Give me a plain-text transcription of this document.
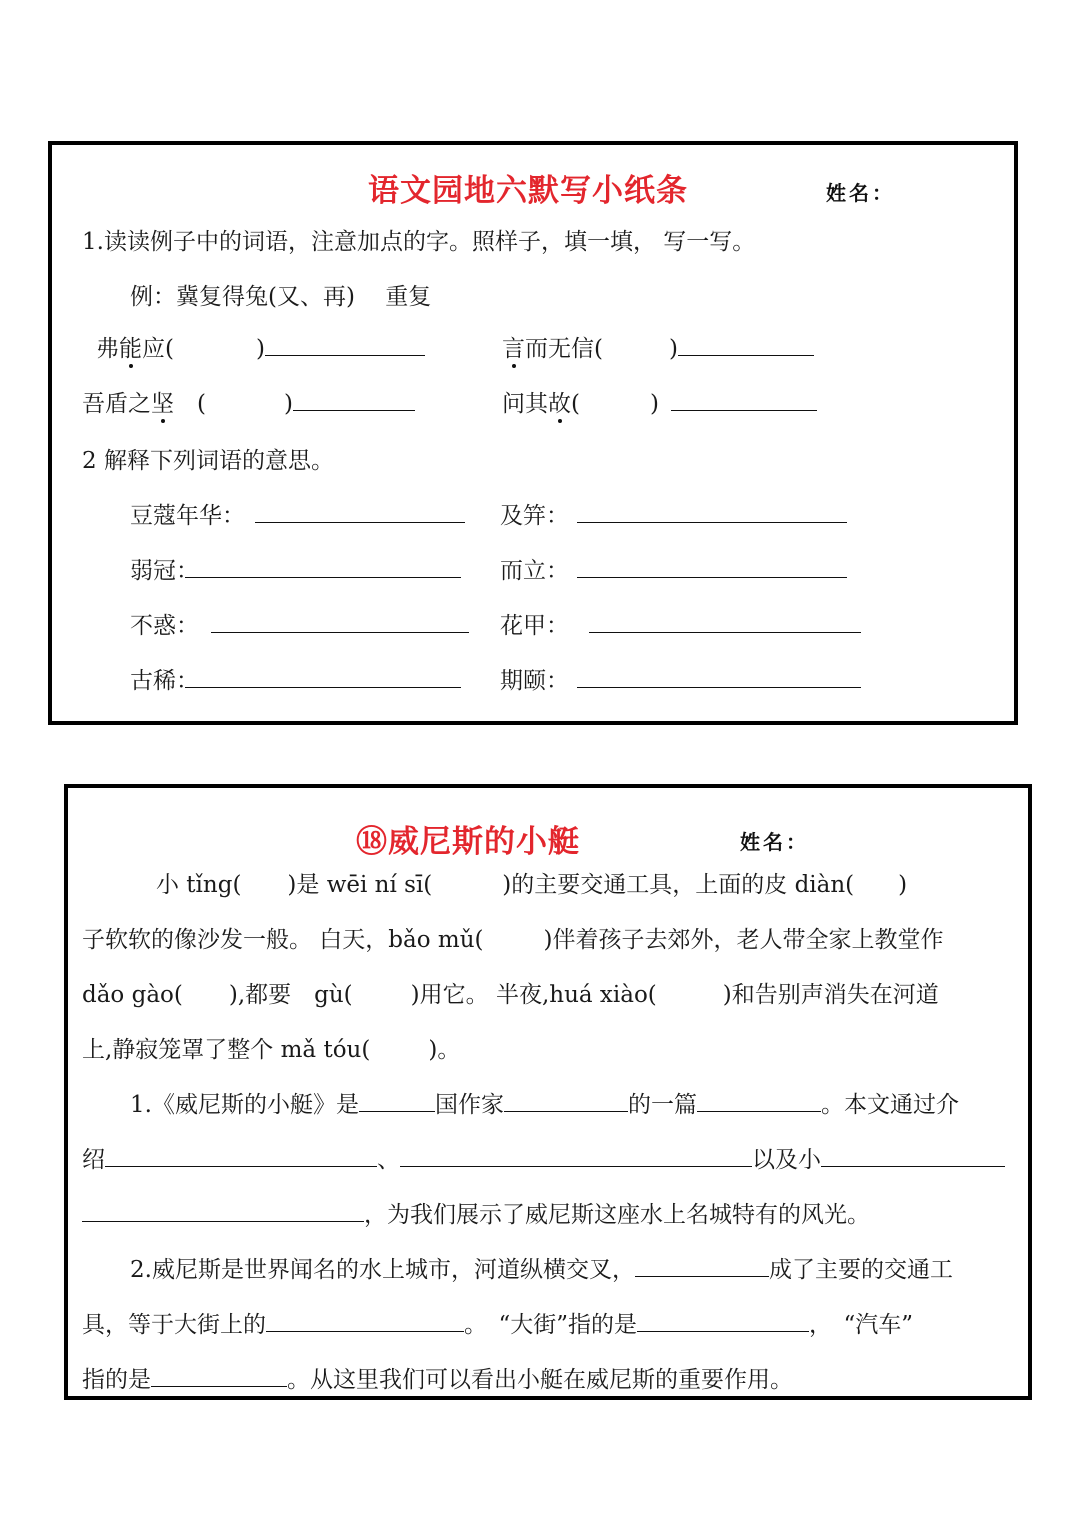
语文园地六默写小纸条	姓名：
1.读读例子中的词语，注意加点的字。照样子，填一填， 写一写。
例：冀复得兔(又、再)　 重复
弗能应(	)	言而无信(	)
吾盾之坚　(	)	问其故(	)
2 解释下列词语的意思。
豆蔻年华：	及笄：
弱冠：	而立：
不惑：	花甲：
古稀：	期颐：
⑱威尼斯的小艇	姓名：
小 tǐng( )是 wēi ní sī(	)的主要交通工具，上面的皮 diàn( )
子软软的像沙发一般。 白天，bǎo mǔ(	)伴着孩子去郊外，老人带全家上教堂作
dǎo gào( ),都要　gù(	)用它。 半夜,huá xiào(	)和告别声消失在河道
上,静寂笼罩了整个 mǎ tóu(	)。
1.《威尼斯的小艇》是	国作家	的一篇	。本文通过介
绍	、	以及小
，为我们展示了威尼斯这座水上名城特有的风光。
2.威尼斯是世界闻名的水上城市，河道纵横交叉，	成了主要的交通工
具，等于大街上的	。　“大街”指的是	，　“汽车”
指的是	。从这里我们可以看出小艇在威尼斯的重要作用。
